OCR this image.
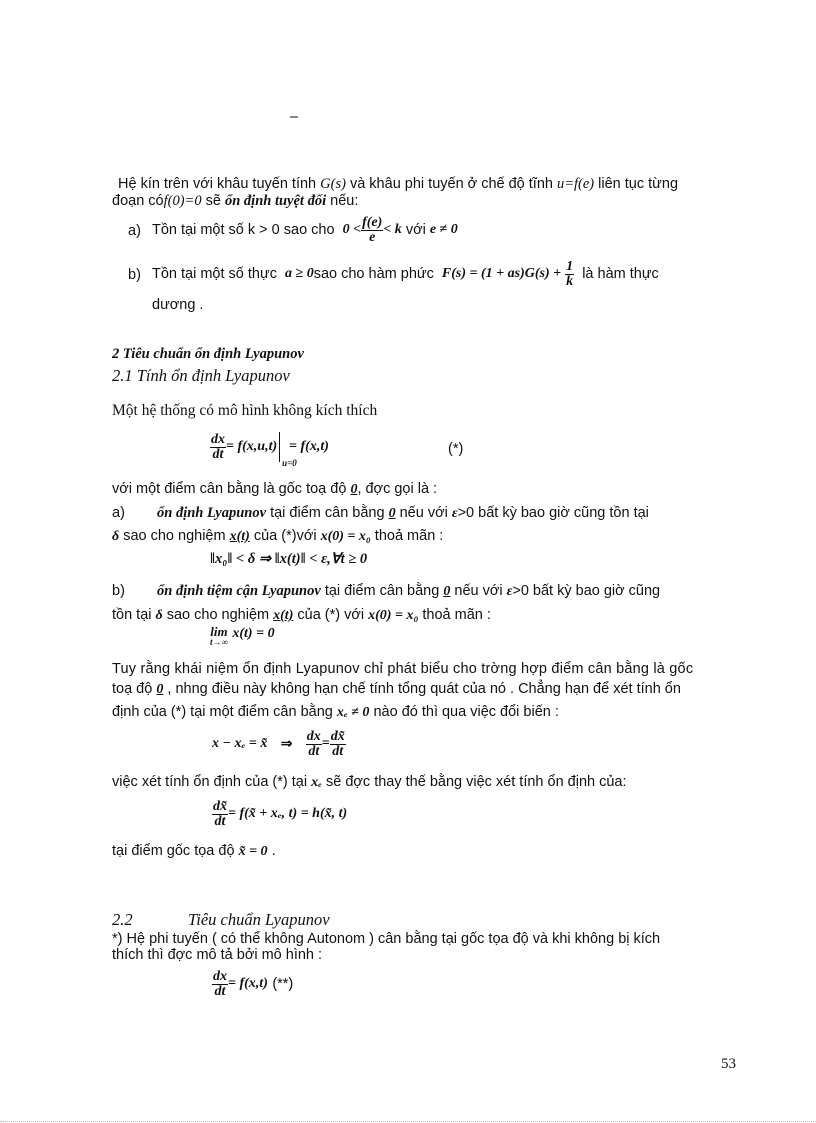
–
Hệ kín trên với khâu tuyến tính G(s) và khâu phi tuyến ở chế độ tĩnh u=f(e) liên tục từng
đoạn cóf(0)=0 sẽ ổn định tuyệt đối nếu:
a) Tồn tại một số k > 0 sao cho
$0 < \frac{f(e)}{e} < k$
với
e ≠ 0
b) Tồn tại một số thực
a ≥ 0 sao cho hàm phức
F(s) = (1 + as)G(s) +
$\frac{1}{k}$
là hàm thực
dương .
2 Tiêu chuẩn ổn định Lyapunov
2.1 Tính ổn định Lyapunov
Một hệ thống có mô hình không kích thích
$\frac{dx}{dt} = f(x,u,t)$
u=0

= f(x,t)	(*)
với một điểm cân bằng là gốc toạ độ 0, đợc gọi là :
a) ổn định Lyapunov tại điểm cân bằng 0 nếu với ε>0 bất kỳ bao giờ cũng tồn tại
δ sao cho nghiệm x(t) của (*)với x(0) = x₀ thoả mãn :
‖x₀‖ < δ ⇒ ‖x(t)‖ < ε,∀t ≥ 0
b) ổn định tiệm cận Lyapunov tại điểm cân bằng 0 nếu với ε>0 bất kỳ bao giờ cũng
tồn tại δ sao cho nghiệm x(t) của (*) với x(0) = x₀ thoả mãn :
lim
t→∞

x(t) = 0
Tuy rằng khái niệm ổn định Lyapunov chỉ phát biểu cho trờng hợp điểm cân bằng là gốc
toạ độ 0 , nhng điều này không hạn chế tính tổng quát của nó . Chẳng hạn để xét tính ổn
định của (*) tại một điểm cân bằng xₑ ≠ 0 nào đó thì qua việc đổi biến :
x − xₑ = x̃
⇒
$\frac{dx}{dt} = \frac{dx̃}{dt}$
việc xét tính ổn định của (*) tại xₑ sẽ đợc thay thế bằng việc xét tính ổn định của:
$\frac{dx̃}{dt}$ = f(x̃ + xₑ, t) = h(x̃, t)
tại điểm gốc tọa độ x̃ = 0 .
2.2	Tiêu chuẩn Lyapunov
*) Hệ phi tuyến ( có thể không Autonom ) cân bằng tại gốc tọa độ và khi không bị kích
thích thì đợc mô tả bởi mô hình :
$\frac{dx}{dt} = f(x,t)$
(**)
53
